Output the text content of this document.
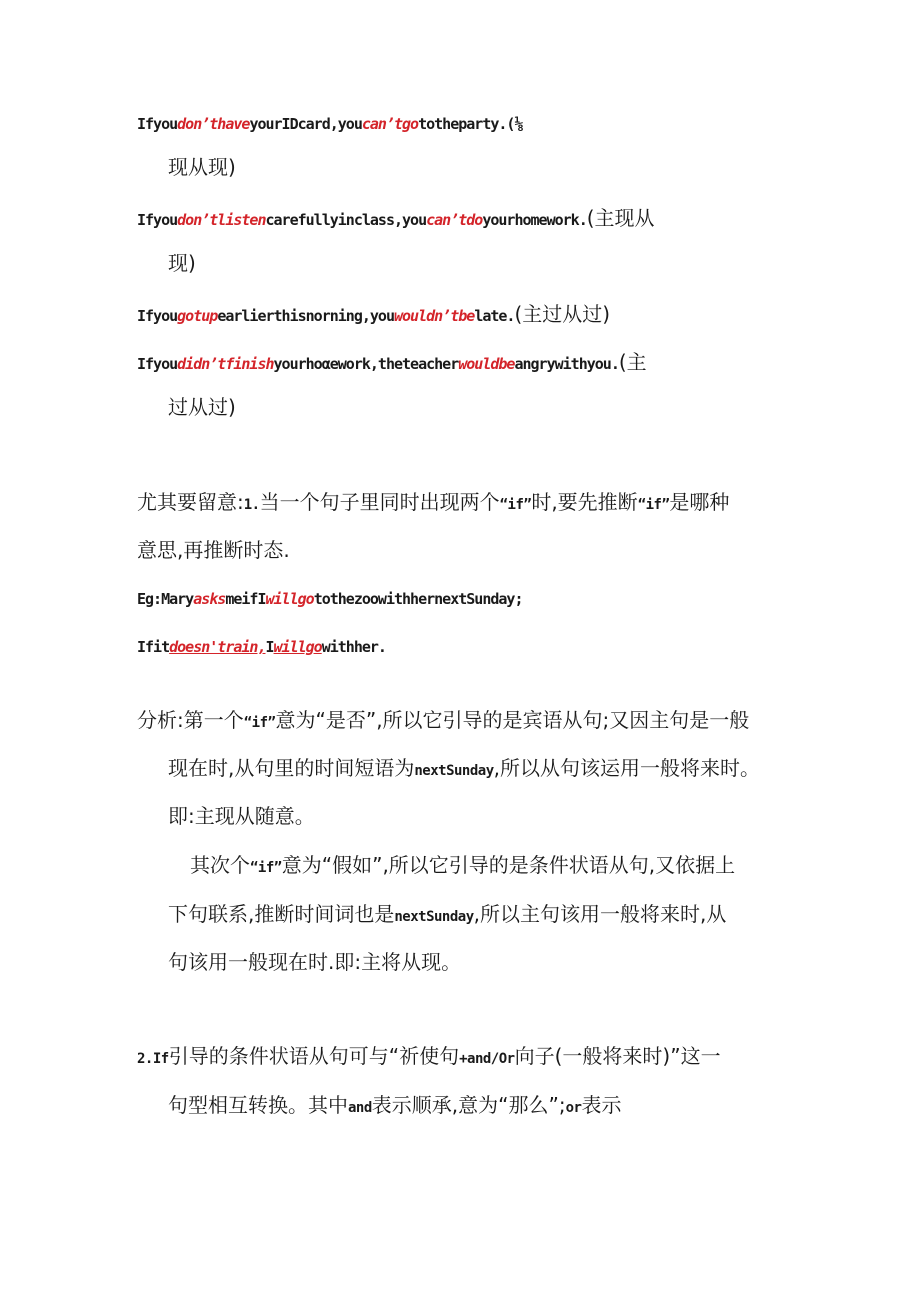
Ifyoudon’thaveyourIDcard,youcan’tgototheparty.(⅛
现从现)
Ifyoudon’tlistencarefullyinclass,youcan’tdoyourhomework.(主现从
现)
Ifyougotupearlierthisnorning,youwouldn’tbelate.(主过从过)
Ifyoudidn’tfinishyourhoαework,theteacherwouldbeangrywithyou.(主
过从过)
尤其要留意:1.当一个句子里同时出现两个“if”时,要先推断“if”是哪种
意思,再推断时态.
Eg:MaryasksmeifIwillgotothezoowithhernextSunday;
Ifitdoesn'train,Iwillgowithher.
分析:第一个“if”意为“是否”,所以它引导的是宾语从句;又因主句是一般
现在时,从句里的时间短语为nextSunday,所以从句该运用一般将来时。
即:主现从随意。
其次个“if”意为“假如”,所以它引导的是条件状语从句,又依据上
下句联系,推断时间词也是nextSunday,所以主句该用一般将来时,从
句该用一般现在时.即:主将从现。
2.If引导的条件状语从句可与“祈使句+and/Or向子(一般将来时)”这一
句型相互转换。其中and表示顺承,意为“那么”;or表示
